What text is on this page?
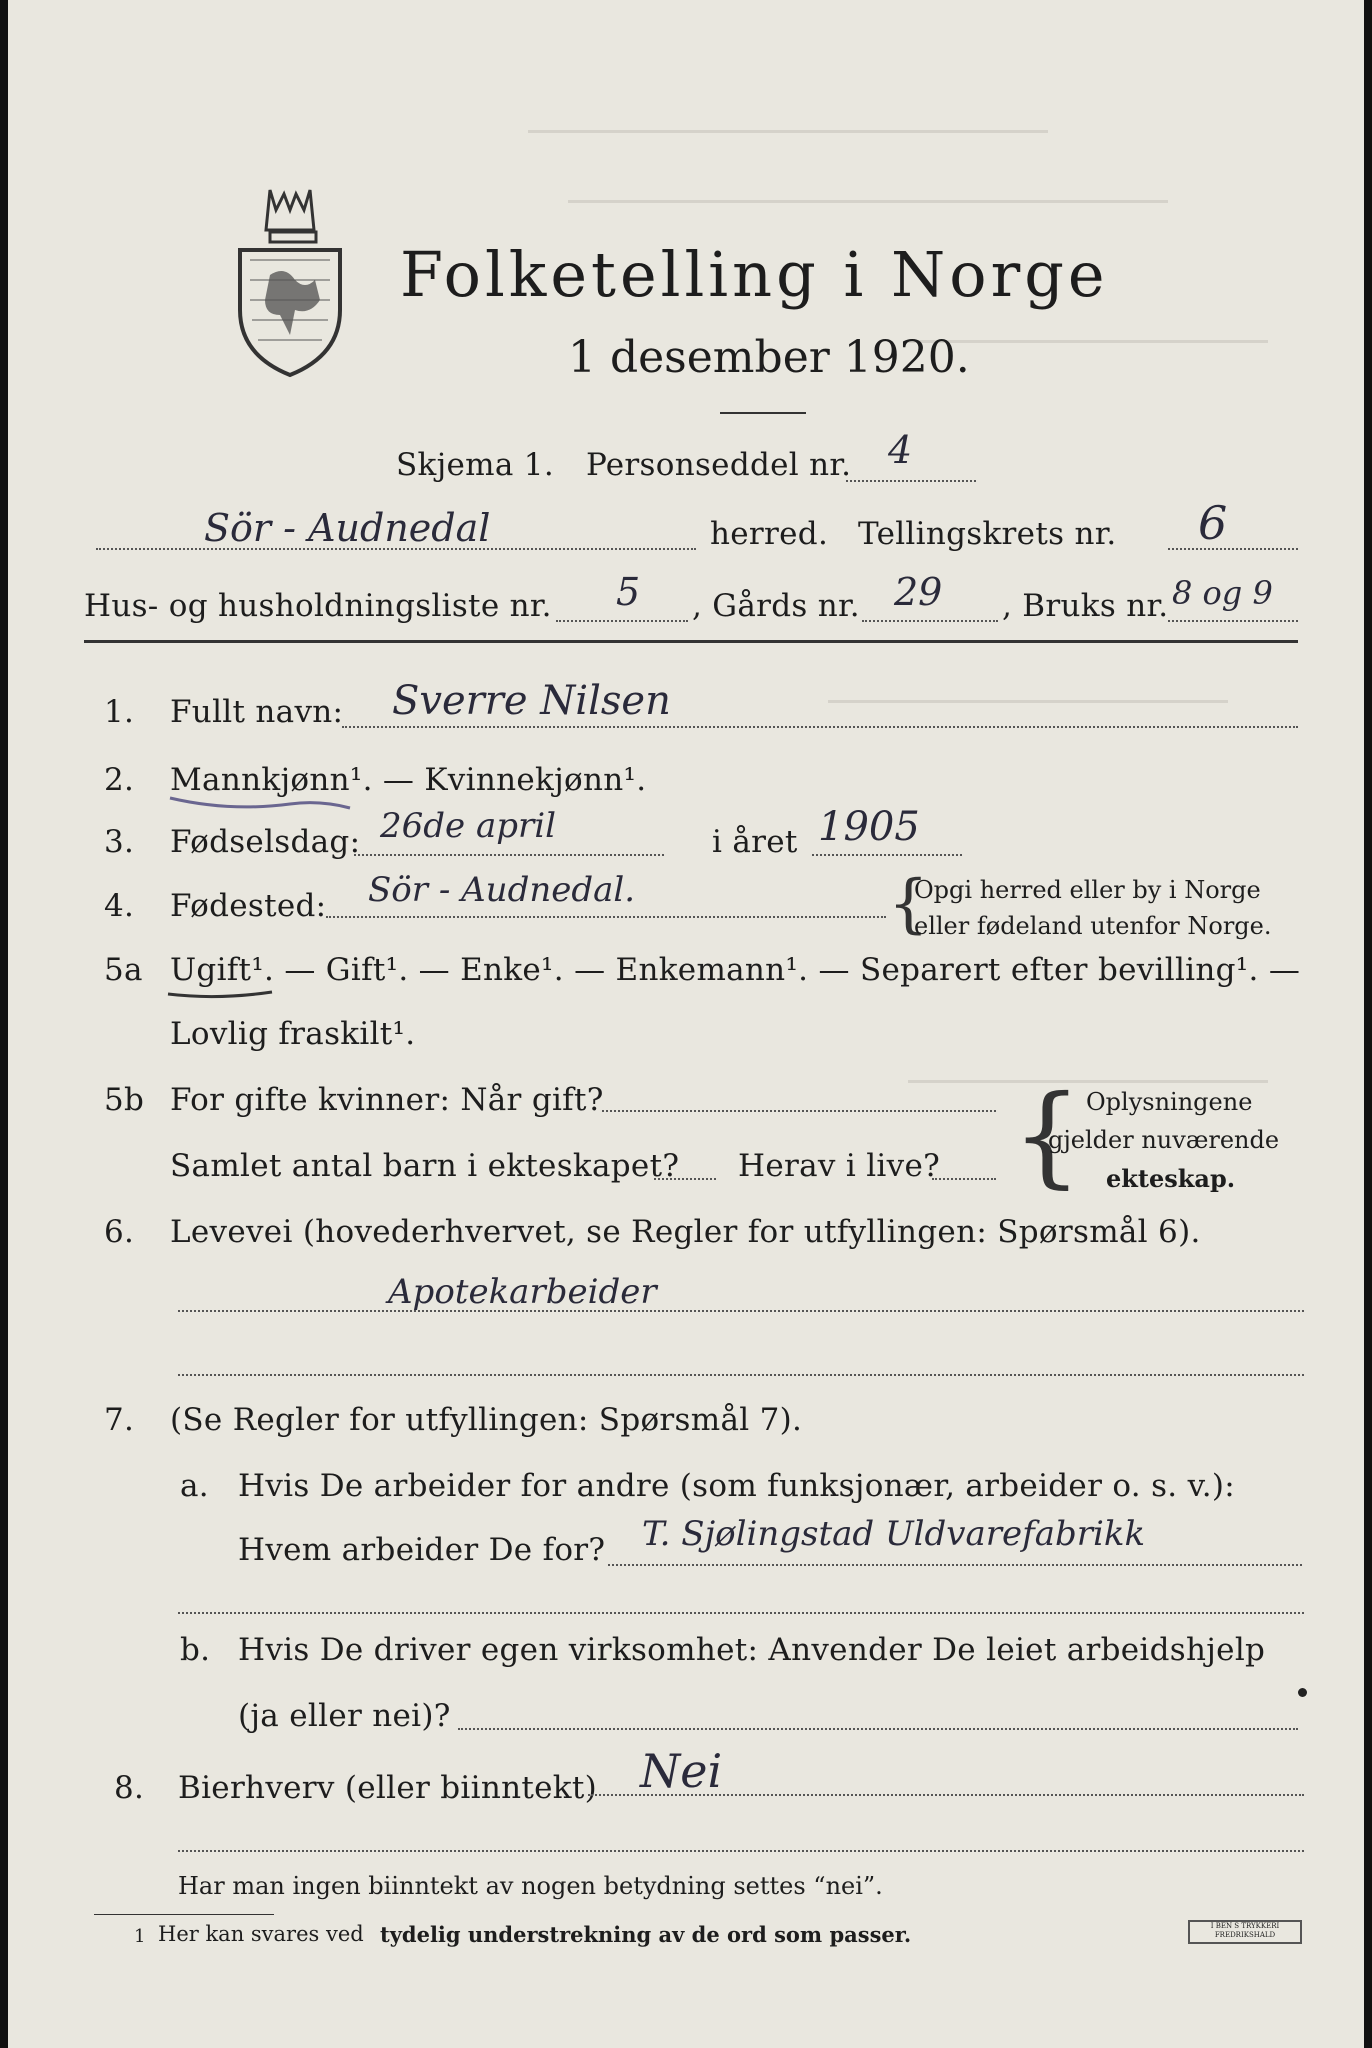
Folketelling i Norge
1 desember 1920.
Skjema 1. Personseddel nr. 4
Sör - Audnedal	herred. Tellingskrets nr. 6
Hus- og husholdningsliste nr. 5 , Gårds nr. 29 , Bruks nr. 8 og 9
1. Fullt navn: Sverre Nilsen
2. Mannkjønn¹. — Kvinnekjønn¹.
3. Fødselsdag: 26de april	i året 1905
4. Fødested: Sör - Audnedal.	{
Opgi herred eller by i Norge
eller fødeland utenfor Norge.
5a Ugift¹. — Gift¹. — Enke¹. — Enkemann¹. — Separert efter bevilling¹. —
Lovlig fraskilt¹.
5b For gifte kvinner: Når gift?
Samlet antal barn i ekteskapet? Herav i live? { Oplysningene
gjelder nuværende
ekteskap.
6. Levevei (hovederhvervet, se Regler for utfyllingen: Spørsmål 6).
Apotekarbeider
7. (Se Regler for utfyllingen: Spørsmål 7).
a. Hvis De arbeider for andre (som funksjonær, arbeider o. s. v.):
Hvem arbeider De for? T. Sjølingstad Uldvarefabrikk
b. Hvis De driver egen virksomhet: Anvender De leiet arbeidshjelp
(ja eller nei)?
8. Bierhverv (eller biinntekt) Nei
Har man ingen biinntekt av nogen betydning settes “nei”.
1 Her kan svares ved tydelig understrekning av de ord som passer.	I BEN S TRYKKERI FREDRIKSHALD
